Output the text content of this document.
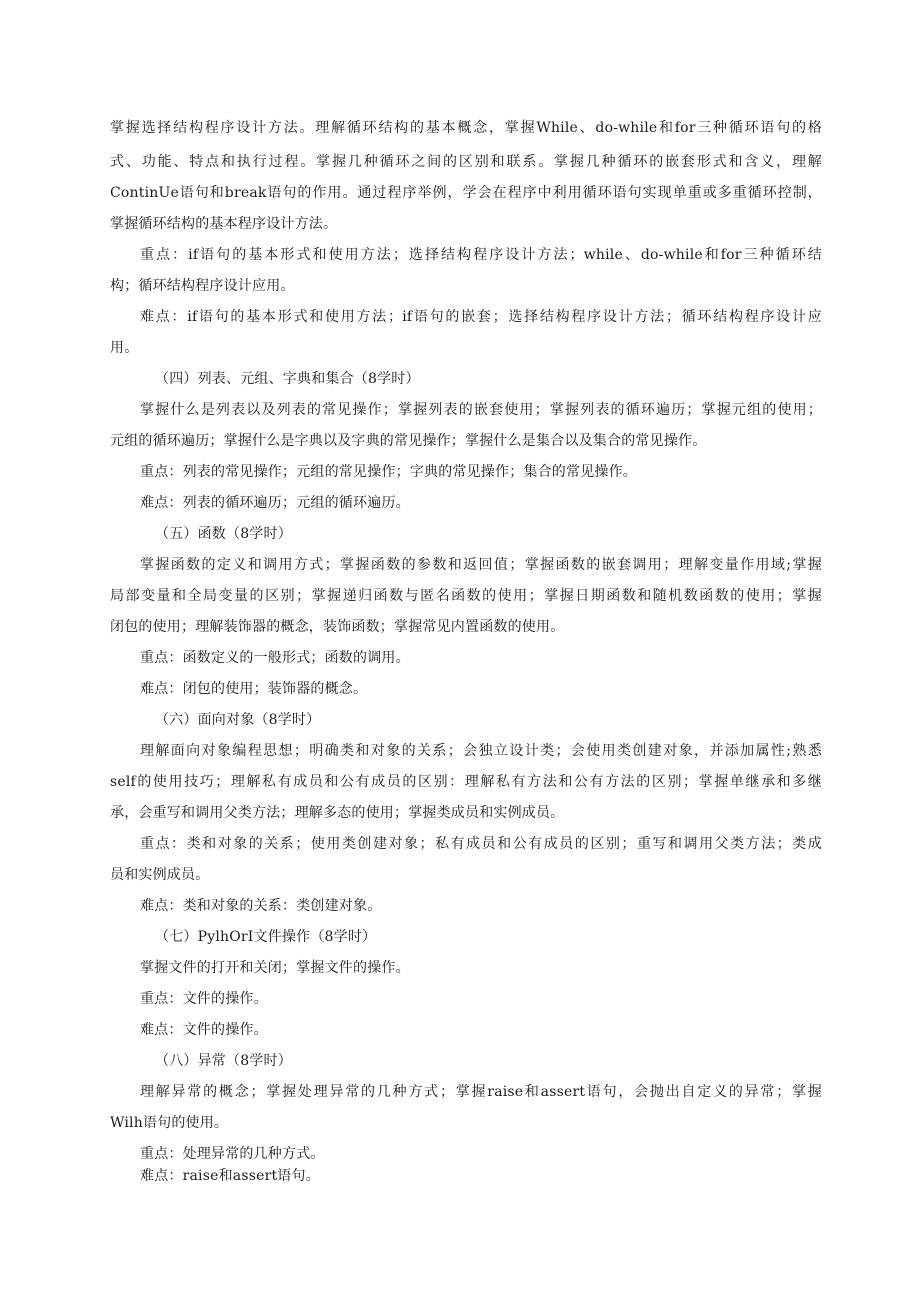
掌握选择结构程序设计方法。理解循环结构的基本概念，掌握While、do-while和for三种循环语句的格
式、功能、特点和执行过程。掌握几种循环之间的区别和联系。掌握几种循环的嵌套形式和含义，理解
ContinUe语句和break语句的作用。通过程序举例，学会在程序中利用循环语句实现单重或多重循环控制，
掌握循环结构的基本程序设计方法。
重点：if语句的基本形式和使用方法；选择结构程序设计方法；while、do-while和for三种循环结
构；循环结构程序设计应用。
难点：if语句的基本形式和使用方法；if语句的嵌套；选择结构程序设计方法；循环结构程序设计应
用。
（四）列表、元组、字典和集合（8学时）
掌握什么是列表以及列表的常见操作；掌握列表的嵌套使用；掌握列表的循环遍历；掌握元组的使用；
元组的循环遍历；掌握什么是字典以及字典的常见操作；掌握什么是集合以及集合的常见操作。
重点：列表的常见操作；元组的常见操作；字典的常见操作；集合的常见操作。
难点：列表的循环遍历；元组的循环遍历。
（五）函数（8学时）
掌握函数的定义和调用方式；掌握函数的参数和返回值；掌握函数的嵌套调用；理解变量作用域;掌握
局部变量和全局变量的区别；掌握递归函数与匿名函数的使用；掌握日期函数和随机数函数的使用；掌握
闭包的使用；理解装饰器的概念，装饰函数；掌握常见内置函数的使用。
重点：函数定义的一般形式；函数的调用。
难点：闭包的使用；装饰器的概念。
（六）面向对象（8学时）
理解面向对象编程思想；明确类和对象的关系；会独立设计类；会使用类创建对象，并添加属性;熟悉
self的使用技巧；理解私有成员和公有成员的区别：理解私有方法和公有方法的区别；掌握单继承和多继
承，会重写和调用父类方法；理解多态的使用；掌握类成员和实例成员。
重点：类和对象的关系；使用类创建对象；私有成员和公有成员的区别；重写和调用父类方法；类成
员和实例成员。
难点：类和对象的关系：类创建对象。
（七）PylhOrI文件操作（8学时）
掌握文件的打开和关闭；掌握文件的操作。
重点：文件的操作。
难点：文件的操作。
（八）异常（8学时）
理解异常的概念；掌握处理异常的几种方式；掌握raise和assert语句，会抛出自定义的异常；掌握
Wilh语句的使用。
重点：处理异常的几种方式。
难点：raise和assert语句。
